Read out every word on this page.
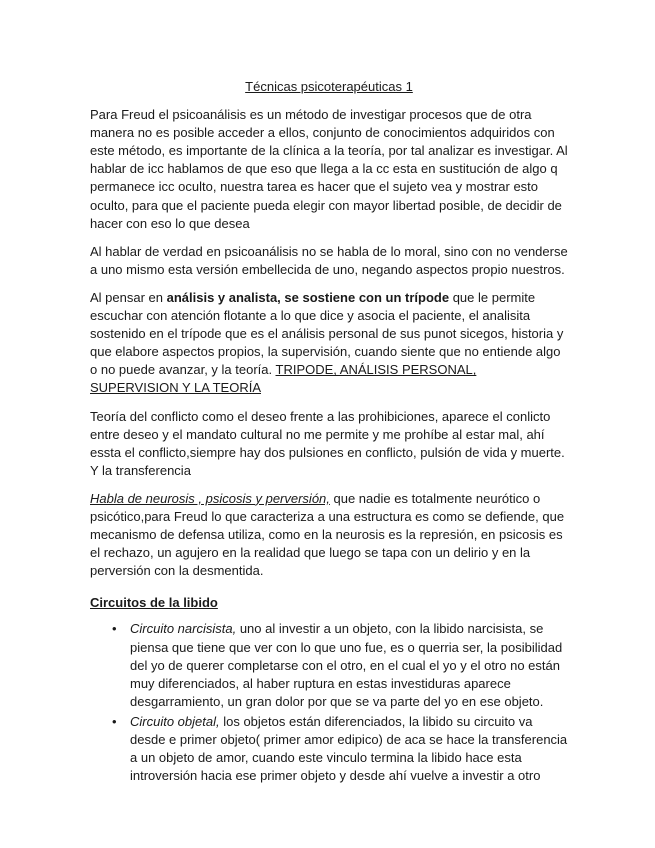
Técnicas psicoterapéuticas 1

Para Freud el psicoanálisis es un método de investigar procesos que de otra manera no es posible acceder a ellos, conjunto de conocimientos adquiridos con este método, es importante de la clínica a la teoría, por tal analizar es investigar. Al hablar de icc hablamos de que eso que llega a la cc esta en sustitución de algo q permanece icc oculto, nuestra tarea es hacer que el sujeto vea y mostrar esto oculto, para que el paciente pueda elegir con mayor libertad posible, de decidir de hacer con eso lo que desea

Al hablar de verdad en psicoanálisis no se habla de lo moral, sino con no venderse a uno mismo esta versión embellecida de uno, negando aspectos propio nuestros.

Al pensar en análisis y analista, se sostiene con un trípode que le permite escuchar con atención flotante a lo que dice y asocia el paciente, el analisita sostenido en el trípode que es el análisis personal de sus punot sicegos, historia y que elabore aspectos propios, la supervisión, cuando siente que no entiende algo o no puede avanzar, y la teoría. TRIPODE, ANÁLISIS PERSONAL, SUPERVISION Y LA TEORÍA

Teoría del conflicto como el deseo frente a las prohibiciones, aparece el conlicto entre deseo y el mandato cultural no me permite y me prohíbe al estar mal, ahí essta el conflicto,siempre hay dos pulsiones en conflicto, pulsión de vida y muerte. Y la transferencia

Habla de neurosis , psicosis y perversión, que nadie es totalmente neurótico o psicótico,para Freud lo que caracteriza a una estructura es como se defiende, que mecanismo de defensa utiliza, como en la neurosis es la represión, en psicosis es el rechazo, un agujero en la realidad que luego se tapa con un delirio y en la perversión con la desmentida.

Circuitos de la libido
• Circuito narcisista, uno al investir a un objeto, con la libido narcisista, se piensa que tiene que ver con lo que uno fue, es o querria ser, la posibilidad del yo de querer completarse con el otro, en el cual el yo y el otro no están muy diferenciados, al haber ruptura en estas investiduras aparece desgarramiento, un gran dolor por que se va parte del yo en ese objeto.
• Circuito objetal, los objetos están diferenciados, la libido su circuito va desde e primer objeto( primer amor edipico) de aca se hace la transferencia a un objeto de amor, cuando este vinculo termina la libido hace esta introversión hacia ese primer objeto y desde ahí vuelve a investir a otro
